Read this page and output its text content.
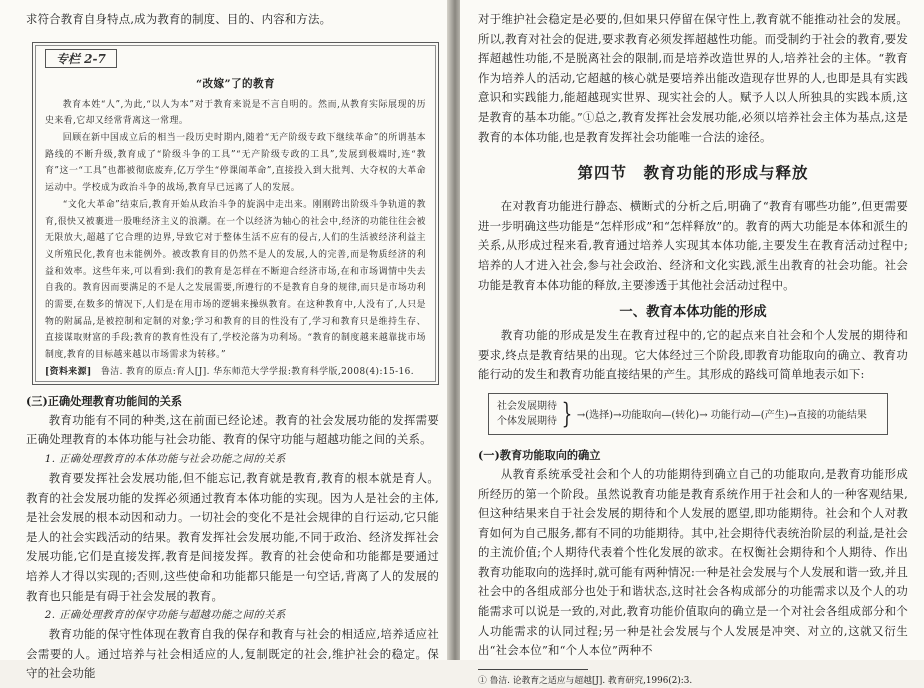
求符合教育自身特点,成为教育的制度、目的、内容和方法。

专栏 2-7

“改嫁”了的教育

教育本姓“人”,为此,“以人为本”对于教育来说是不言自明的。然而,从教育实际展现的历史来看,它却又经常背离这一常理。

回顾在新中国成立后的相当一段历史时期内,随着“无产阶级专政下继续革命”的所谓基本路线的不断升级,教育成了“阶级斗争的工具”“无产阶级专政的工具”,发展到极端时,连“教育”这一“工具”也都被彻底废弃,亿万学生“停课闹革命”,直接投入到大批判、大夺权的大革命运动中。学校成为政治斗争的战场,教育早已远离了人的发展。

“文化大革命”结束后,教育开始从政治斗争的旋涡中走出来。刚刚跨出阶级斗争轨道的教育,很快又被裹进一股唯经济主义的浪潮。在一个以经济为轴心的社会中,经济的功能往往会被无限放大,超越了它合理的边界,导致它对于整体生活不应有的侵占,人们的生活被经济利益主义所殖民化,教育也未能例外。被改教育目的仍然不是人的发展,人的完善,而是物质经济的利益和效率。这些年来,可以看到:我们的教育是怎样在不断迎合经济市场,在和市场调情中失去自我的。教育因而要满足的不是人之发展需要,所遵行的不是教育自身的规律,而只是市场功利的需要,在数多的情况下,人们是在用市场的逻辑来操纵教育。在这种教育中,人没有了,人只是物的附属品,是被控制和定制的对象;学习和教育的目的性没有了,学习和教育只是维持生存、直接谋取财富的手段;教育的教育性没有了,学校沦落为功利场。“教育的制度越来越靠拢市场制度,教育的目标越来越以市场需求为转移。”

[资料来源]　 鲁洁. 教育的原点:育人[J]. 华东师范大学学报:教育科学版,2008(4):15-16.

(三)正确处理教育功能间的关系

教育功能有不同的种类,这在前面已经论述。教育的社会发展功能的发挥需要正确处理教育的本体功能与社会功能、教育的保守功能与超越功能之间的关系。

1. 正确处理教育的本体功能与社会功能之间的关系

教育要发挥社会发展功能,但不能忘记,教育就是教育,教育的根本就是育人。教育的社会发展功能的发挥必须通过教育本体功能的实现。因为人是社会的主体,是社会发展的根本动因和动力。一切社会的变化不是社会规律的自行运动,它只能是人的社会实践活动的结果。教育发挥社会发展功能,不同于政治、经济发挥社会发展功能,它们是直接发挥,教育是间接发挥。教育的社会使命和功能都是要通过培养人才得以实现的;否则,这些使命和功能都只能是一句空话,背离了人的发展的教育也只能是有碍于社会发展的教育。

2. 正确处理教育的保守功能与超越功能之间的关系

教育功能的保守性体现在教育自我的保存和教育与社会的相适应,培养适应社会需要的人。通过培养与社会相适应的人,复制既定的社会,维护社会的稳定。保守的社会功能

对于维护社会稳定是必要的,但如果只停留在保守性上,教育就不能推动社会的发展。所以,教育对社会的促进,要求教育必须发挥超越性功能。而受制约于社会的教育,要发挥超越性功能,不是脱离社会的限制,而是培养改造世界的人,培养社会的主体。“教育作为培养人的活动,它超越的核心就是要培养出能改造现存世界的人,也即是具有实践意识和实践能力,能超越现实世界、现实社会的人。赋予人以人所独具的实践本质,这是教育的基本功能。”①总之,教育发挥社会发展功能,必须以培养社会主体为基点,这是教育的本体功能,也是教育发挥社会功能唯一合法的途径。

第四节　教育功能的形成与释放

在对教育功能进行静态、横断式的分析之后,明确了“教育有哪些功能”,但更需要进一步明确这些功能是“怎样形成”和“怎样释放”的。教育的两大功能是本体和派生的关系,从形成过程来看,教育通过培养人实现其本体功能,主要发生在教育活动过程中;培养的人才进入社会,参与社会政治、经济和文化实践,派生出教育的社会功能。社会功能是教育本体功能的释放,主要渗透于其他社会活动过程中。

一、教育本体功能的形成

教育功能的形成是发生在教育过程中的,它的起点来自社会和个人发展的期待和要求,终点是教育结果的出现。它大体经过三个阶段,即教育功能取向的确立、教育功能行动的发生和教育功能直接结果的产生。其形成的路线可简单地表示如下:

社会发展期待
个体发展期待 } →(选择)→功能取向—(转化)→ 功能行动—(产生)→直接的功能结果

(一)教育功能取向的确立

从教育系统承受社会和个人的功能期待到确立自己的功能取向,是教育功能形成所经历的第一个阶段。虽然说教育功能是教育系统作用于社会和人的一种客观结果,但这种结果来自于社会发展的期待和个人发展的愿望,即功能期待。社会和个人对教育如何为自己服务,都有不同的功能期待。其中,社会期待代表统治阶层的利益,是社会的主流价值;个人期待代表着个性化发展的欲求。在权衡社会期待和个人期待、作出教育功能取向的选择时,就可能有两种情况:一种是社会发展与个人发展和谐一致,并且社会中的各组成部分也处于和谐状态,这时社会各构成部分的功能需求以及个人的功能需求可以说是一致的,对此,教育功能价值取向的确立是一个对社会各组成部分和个人功能需求的认同过程;另一种是社会发展与个人发展是冲突、对立的,这就又衍生出“社会本位”和“个人本位”两种不

① 鲁洁. 论教育之适应与超越[J]. 教育研究,1996(2):3.
